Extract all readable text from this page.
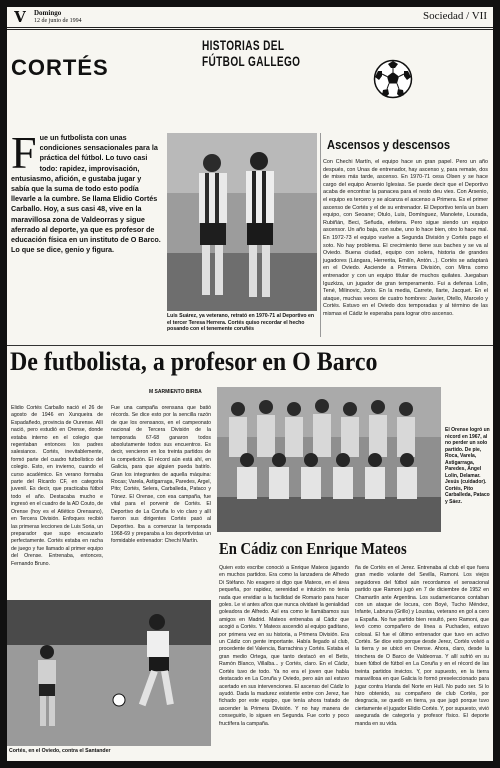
V	Domingo
12 de junio de 1994	Sociedad / VII
CORTÉS
HISTORIAS DEL
FÚTBOL GALLEGO
Fue un futbolista con unas condiciones sensacionales para la práctica del fútbol. Lo tuvo casi todo: rapidez, improvisación, entusiasmo, afición, e gustaba jugar y sabía que la suma de todo esto podía llevarle a la cumbre. Se llama Elidio Cortés Carballo. Hoy, a sus casi 48, vive en la maravillosa zona de Valdeorras y sigue aferrado al deporte, ya que es profesor de educación física en un instituto de O Barco. Lo que se dice, genio y figura.
Luis Suárez, ya veterano, retrató en 1970-71 al Deportivo en el tercer Teresa Herrera. Cortés quiso recordar el hecho posando con el tenemente coruñés
Ascensos y descensos
Con Chechi Martín, el equipo hace un gran papel. Pero un año después, con Unas de entrenador, hay ascenso y, para remate, dos de mises más tarde, ascenso. En 1970-71 cesa Olsen y se hace cargo del equipo Arsenio Iglesias. Se puede decir que el Deportivo acaba de encontrar la panacea para el resto deu vies. Con Arsenio, el equipo es tercero y se alcanza el ascenso a Primera. Es el primer ascenso de Cortés y el de su entrenador. El Deportivo tenía un buen equipo, con Seoane; Otulo, Luis, Domínguez, Manolete, Lourada, Rubiñán, Beci, Señuda, efeitera. Pero sigue siendo un equipo ascensor. Un año baja, con sube, uno lo hace bien, otro lo hace mal. En 1972-73 el equipo vuelve a Segunda División y Cortés pago el soto. No hay problema. El crecimiento tiene sus baches y se va al Oviedo. Buena ciudad, equipo con solera, historia de grandes jugadores (Lángara, Herrerita, Emilín, Antón...). Cortés se adaptará en el Oviedo. Asciende a Primera División, con Mirra como entrenador y con un equipo titular de muchos quilates. Juegaban Iguzkiza, un jugador de gran temperamento. Fui a defensa Lolin, Tené, Milinovic, Jorio. En la media, Carrete, Ilarte, Jacquet. En el ataque, muchas veces de cuatro hombres: Javier, Otello, Marcelo y Cortés. Estuvo en el Oviedo dos temporadas y al término de las mismas el Cádiz le esperaba para lograr otro ascenso.
De futbolista, a profesor en O Barco
M SARMIENTO BIRBA
Elidio Cortés Carballo nació el 26 de agosto de 1946 en Xunqueira de Espadañedo, provincia de Ourense. Allí nació, pero estudió en Orense, donde estaba interno en el colegio que regentaban entonces los padres salesianos. Cortés, inevitablemente, formó parte del cuadro futbolístico del colegio. Esto, en invierno, cuando el curso académico. En verano formaba parte del Ricardo CF, en categoría juvenil. Es decir, que practicaba fútbol todo el año. Destacaba mucho e ingresó en el cuadro de la AD Couto, de Orense (hoy es el Atlético Orensano), en Tercera División. Enfoques recibió las primeras lecciones de Luis Soria, un preparador que supo encauzarlo perfectamente. Cortés estaba en racha de juego y fue llamado al primer equipo del Orense. Entrenaba, entonces, Fernando Bruno.
Fue una campaña orensana que batió récords. Se dice esto por la sencilla razón de que los orensanos, en el campeonato nacional de Tercera División de la temporada 67-68 ganaron todos absolutamente todos sus encuentros. Es decir, vencieron en los treinta partidos de la competición. El récord aún está ahí, en Galicia, para que alguien pueda batirlo. Gran los integrantes de aquella máquina: Rocas; Varela, Astigarraga, Paredes, Argel, Pito; Cortés, Selera, Carballeda, Pataco y Túnez. El Orense, con esa campaña, fue vital para el porvenir de Cortés. El Deportivo de La Coruña lo vio claro y allí fueron sus dirigentes Cortés pasó al Deportivo. Iba a comenzar la temporada 1968-69 y preparaba a los deportivistas un formidable entrenador: Chechi Martín.
El Orense logró un récord en 1967, al no perder un solo partido. De pie, Roca, Varela, Astigarraga, Paredes, Ángel Lolin, Delamar. Jesús (cuidador). Cortés, Pito Carballeda, Pataco y Sáez.
En Cádiz con Enrique Mateos
Quien esto escribe conoció a Enrique Mateos jugando en muchos partidos. Era como la lanzadera de Alfredo Di Stéfano. No exagero si digo que Mateos, en el área pequeña, por rapidez, serenidad e intuición no tenía nada que envidiar a la facilidad de Romario para hacer goles. Le vi antes años que nunca olvidaré la genialidad goleadora de Alfredo. Así era como le llamábamos sus amigos en Madrid. Mateos entrenaba al Cádiz que acogió a Cortés. Y Mateos ascendió al equipo gaditano, por primera vez en su historia, a Primera División. Era un Cádiz con gente importante. Había llegado al club, procedente del Valencia, Barrachina y Cortés. Estaba el gran medio Ortega, que tanto destacó en el Betis, Ramón Blanco, Villalba... y Cortés, claro. En el Cádiz, Cortés tuvo de todo. Ya no era el joven que había destacado en La Coruña y Oviedo, pero aún así estuvo acertado en sus intervenciones. El ascenso del Cádiz lo ayudó. Dada la madurez existente entre con Jerez, fue fichado por este equipo, que tenía ahora tratado de ascender la Primera División. Y no hay manera de conseguirlo, lo siguen en Segunda. Fue corto y poco fructífera la campaña.
ña de Cortés en el Jerez. Entrenaba al club el que fuera gran medio volante del Sevilla, Ramoni. Los viejos seguidores del fútbol aún recordamos el sensacional partido que Ramoni jugó en 7 de diciembre de 1952 en Chamartín ante Argentina. Los sudamericanos contaban con un ataque de locura, con Boyé, Tucho Méndez, Infante, Labruna (Grillo) y Loustau, veterano en gol a cero a España. No fue partido bien resultó, pero Ramoni, que levó como compañero de línea a Puchades, estuvo colosal. El fue el último entrenador que tuvo en activo Cortés. Se dice esto porque desde Jerez, Cortés volvió a la tierra y se ubicó en Orense. Ahora, claro, desde la trinchera de O Barco de Valdeorras. Y allí sufrió en su buen fútbol de fútbol en La Coruña y en el récord de las treinta partidos invictos. Y, por supuesto, en la tierra maravillosa en que Galicia lo formó preseleccionado para jugar contra Irlanda del Norte en Hull. No pudo ser. Si lo hizo obtenido, su compañero de club Cortés, por desgracia, se quedó en tierra, ya que jugó porque tuvo ciertamente el jugador Elidio Cortés. Y, por supuesto, vivió asegurada de categoría y profesor físico. El deporte manda en su vida.
Cortés, en el Oviedo, contra el Santander
